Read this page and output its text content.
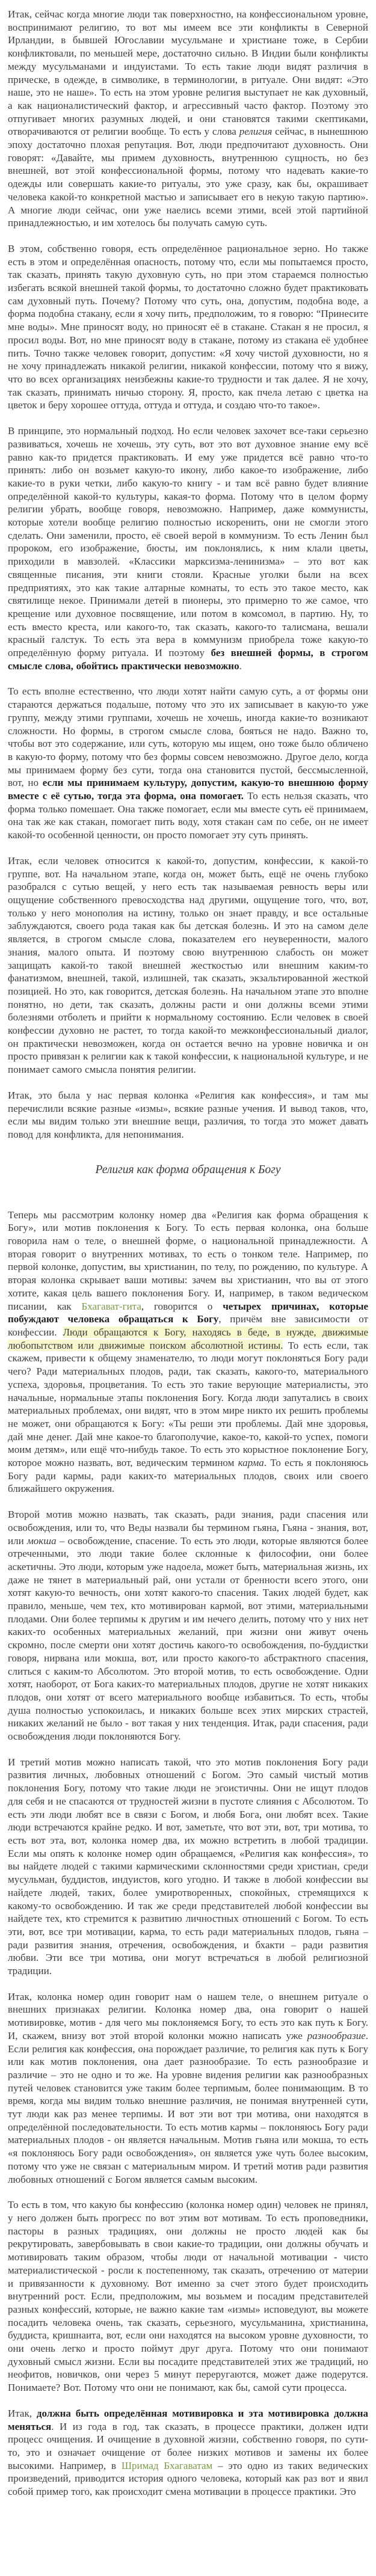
Итак, сейчас когда многие люди так поверхностно, на конфессиональном уровне, воспринимают религию, то вот мы имеем все эти конфликты в Северной Ирландии, в бывшей Югославии мусульмане и христиане тоже, в Сербии конфликтовали, по меньшей мере, достаточно сильно. В Индии были конфликты между мусульманами и индуистами. То есть такие люди видят различия в прическе, в одежде, в символике, в терминологии, в ритуале. Они видят: «Это наше, это не наше». То есть на этом уровне религия выступает не как духовный, а как националистический фактор, и агрессивный часто фактор. Поэтому это отпугивает многих разумных людей, и они становятся такими скептиками, отворачиваются от религии вообще. То есть у слова религия сейчас, в нынешнюю эпоху достаточно плохая репутация. Вот, люди предпочитают духовность. Они говорят: «Давайте, мы примем духовность, внутреннюю сущность, но без внешней, вот этой конфессиональной формы, потому что надевать какие-то одежды или совершать какие-то ритуалы, это уже сразу, как бы, окрашивает человека какой-то конкретной мастью и записывает его в некую такую партию». А многие люди сейчас, они уже наелись всеми этими, всей этой партийной принадлежностью, и им хотелось бы получать самую суть.

В этом, собственно говоря, есть определённое рациональное зерно. Но также есть в этом и определённая опасность, потому что, если мы попытаемся просто, так сказать, принять такую духовную суть, но при этом стараемся полностью избегать всякой внешней такой формы, то достаточно сложно будет практиковать сам духовный путь. Почему? Потому что суть, она, допустим, подобна воде, а форма подобна стакану, если я хочу пить, предположим, то я говорю: “Принесите мне воды». Мне приносят воду, но приносят её в стакане. Стакан я не просил, я просил воды. Вот, но мне приносят воду в стакане, потому из стакана её удобнее пить. Точно также человек говорит, допустим: «Я хочу чистой духовности, но я не хочу принадлежать никакой религии, никакой конфессии, потому что я вижу, что во всех организациях неизбежны какие-то трудности и так далее. Я не хочу, так сказать, принимать ничью сторону. Я, просто, как пчела летаю с цветка на цветок и беру хорошее оттуда, оттуда и оттуда, и создаю что-то такое».

В принципе, это нормальный подход. Но если человек захочет все-таки серьезно развиваться, хочешь не хочешь, эту суть, вот это вот духовное знание ему всё равно как-то придется практиковать. И ему уже придется всё равно что-то принять: либо он возьмет какую-то икону, либо какое-то изображение, либо какие-то в руки четки, либо какую-то книгу - и там всё равно будет влияние определённой какой-то культуры, какая-то форма. Потому что в целом форму религии убрать, вообще говоря, невозможно. Например, даже коммунисты, которые хотели вообще религию полностью искоренить, они не смогли этого сделать. Они заменили, просто, её своей верой в коммунизм. То есть Ленин был пророком, его изображение, бюсты, им поклонялись, к ним клали цветы, приходили в мавзолей. «Классики марксизма-ленинизма» – это вот как священные писания, эти книги стояли. Красные уголки были на всех предприятиях, это как такие алтарные комнаты, то есть это такое место, как святилище некое. Принимали детей в пионеры, это примерно то же самое, что крещение или духовное посвящение, или потом в комсомол, в партию. Ну, то есть вместо креста, или какого-то, так сказать, какого-то талисмана, вешали красный галстук. То есть эта вера в коммунизм приобрела тоже какую-то определённую форму ритуала. И поэтому без внешней формы, в строгом смысле слова, обойтись практически невозможно.

То есть вполне естественно, что люди хотят найти самую суть, а от формы они стараются держаться подальше, потому что это их записывает в какую-то уже группу, между этими группами, хочешь не хочешь, иногда какие-то возникают сложности. Но формы, в строгом смысле слова, бояться не надо. Важно то, чтобы вот это содержание, или суть, которую мы ищем, оно тоже было обличено в какую-то форму, потому что без формы совсем невозможно. Другое дело, когда мы принимаем форму без сути, тогда она становится пустой, бессмысленной, вот, но если мы принимаем культуру, допустим, какую-то внешнюю форму вместе с её сутью, тогда эта форма, она помогает. То есть нельзя сказать, что форма только помешает. Она также помогает, если мы вместе суть её принимаем, она так же как стакан, помогает пить воду, хотя стакан сам по себе, он не имеет какой-то особенной ценности, он просто помогает эту суть принять.

Итак, если человек относится к какой-то, допустим, конфессии, к какой-то группе, вот. На начальном этапе, когда он, может быть, ещё не очень глубоко разобрался с сутью вещей, у него есть так называемая ревность веры или ощущение собственного превосходства над другими, ощущение того, что, вот, только у него монополия на истину, только он знает правду, и все остальные заблуждаются, своего рода такая как бы детская болезнь. И это на самом деле является, в строгом смысле слова, показателем его неуверенности, малого знания, малого опыта. И поэтому свою внутреннюю слабость он может защищать какой-то такой внешней жесткостью или внешним каким-то фанатизмом, внешней, такой, излишней, так сказать, экзальтированной жесткой позицией. Но это, как говорится, детская болезнь. На начальном этапе это вполне понятно, но дети, так сказать, должны расти и они должны всеми этими болезнями отболеть и прийти к нормальному состоянию. Если человек в своей конфессии духовно не растет, то тогда какой-то межконфессиональный диалог, он практически невозможен, когда он остается вечно на уровне новичка и он просто привязан к религии как к такой конфессии, к национальной культуре, и не понимает самого смысла понятия религии.

Итак, это была у нас первая колонка «Религия как конфессия», и там мы перечислили всякие разные «измы», всякие разные учения. И вывод таков, что, если мы видим только эти внешние вещи, различия, то тогда это может давать повод для конфликта, для непонимания.

Религия как форма обращения к Богу

Теперь мы рассмотрим колонку номер два «Религия как форма обращения к Богу», или мотив поклонения к Богу. То есть первая колонка, она больше говорила нам о теле, о внешней форме, о национальной принадлежности. А вторая говорит о внутренних мотивах, то есть о тонком теле. Например, по первой колонке, допустим, вы христианин, по телу, по рождению, по культуре. А вторая колонка скрывает ваши мотивы: зачем вы христианин, что вы от этого хотите, какая цель вашего поклонения Богу. И, например, в таком ведическом писании, как Бхагават-гита, говорится о четырех причинах, которые побуждают человека обращаться к Богу, причём вне зависимости от конфессии. Люди обращаются к Богу, находясь в беде, в нужде, движимые любопытством или движимые поиском абсолютной истины. То есть если, так скажем, привести к общему знаменателю, то люди могут поклоняться Богу ради чего? Ради материальных плодов, ради, так сказать, какого-то, материального успеха, здоровья, процветания. То есть это такие верующие материалисты, это начальные, нормальные этапы поклонения Богу. Когда люди запутались в своих материальных проблемах, они видят, что в этом мире никто их решить проблемы не может, они обращаются к Богу: «Ты реши эти проблемы. Дай мне здоровья, дай мне денег. Дай мне какое-то благополучие, какое-то, какой-то успех, помоги моим детям», или ещё что-нибудь такое. То есть это корыстное поклонение Богу, которое можно назвать, вот, ведическим термином карма. То есть я поклоняюсь Богу ради кармы, ради каких-то материальных плодов, своих или своего ближайшего окружения.

Второй мотив можно назвать, так сказать, ради знания, ради спасения или освобождения, или то, что Веды назвали бы термином гьяна, Гьяна - знания, вот, или мокша – освобождение, спасение. То есть это люди, которые являются более отреченными, это люди такие более склонные к философии, они более аскетичны. Это люди, которым уже надоела, может быть, материальная жизнь, их даже не тянет в материальный рай, они устали от бренности всего этого, они хотят какую-то вечность, они хотят какого-то спасения. Таких людей будет, как правило, меньше, чем тех, кто мотивирован кармой, вот этими, материальными плодами. Они более терпимы к другим и им нечего делить, потому что у них нет каких-то особенных материальных желаний, при жизни они живут очень скромно, после смерти они хотят достичь какого-то освобождения, по-буддистки говоря, нирвана или мокша, вот, или просто какого-то абстрактного спасения, слиться с каким-то Абсолютом. Это второй мотив, то есть освобождение. Одни хотят, наоборот, от Бога каких-то материальных плодов, другие не хотят никаких плодов, они хотят от всего материального вообще избавиться. То есть, чтобы душа полностью успокоилась, и никаких больше всех этих мирских страстей, никаких желаний не было - вот такая у них тенденция. Итак, ради спасения, ради освобождения люди поклоняются Богу.

И третий мотив можно написать такой, что это мотив поклонения Богу ради развития личных, любовных отношений с Богом. Это самый чистый мотив поклонения Богу, потому что такие люди не эгоистичны. Они не ищут плодов для себя и не спасаются от трудностей жизни в пустоте слияния с Абсолютом. То есть эти люди любят все в связи с Богом, и любя Бога, они любят всех. Такие люди встречаются крайне редко. И вот, заметьте, что вот эти, вот, три мотива, то есть вот эта, вот, колонка номер два, их можно встретить в любой традиции. Если мы опять к колонке номер один обращаемся, «Религия как конфессия», то вы найдете людей с такими кармическими склонностями среди христиан, среди мусульман, буддистов, индуистов, кого угодно. И также в любой конфессии вы найдете людей, таких, более умиротворенных, спокойных, стремящихся к какому-то освобождению. И так же среди представителей любой конфессии вы найдете тех, кто стремится к развитию личностных отношений с Богом. То есть эти, вот, все три мотивации, карма, то есть ради материальных плодов, гьяна – ради развития знания, отречения, освобождения, и бхакти – ради развития любви. Эти все три мотива, они могут встречаться в любой религиозной традиции.

Итак, колонка номер один говорит нам о нашем теле, о внешнем ритуале о внешних признаках религии. Колонка номер два, она говорит о нашей мотивировке, мотив - для чего мы поклоняемся Богу, то есть это как путь к Богу. И, скажем, внизу вот этой второй колонки можно написать уже разнообразие. Если религия как конфессия, она порождает различие, то религия как путь к Богу или как мотив поклонения, она дает разнообразие. То есть разнообразие и различие – это не одно и то же. На уровне видения религии как разнообразных путей человек становится уже таким более терпимым, более понимающим. В то время, когда мы видим только внешние различия, не понимая внутренней сути, тут люди как раз менее терпимы. И вот эти вот три мотива, они находятся в определённой последовательности. То есть мотив кармы – поклоняюсь Богу ради материальных плодов - он является начальным. Мотив гьяна или мокша, то есть «я поклоняюсь Богу ради освобождения», он является уже чуть более высоким, потому что уже не связан с материальным миром. И третий мотив ради развития любовных отношений с Богом является самым высоким.

То есть в том, что какую бы конфессию (колонка номер один) человек не принял, у него должен быть прогресс по вот этим вот мотивам. То есть проповедники, пасторы в разных традициях, они должны не просто людей как бы рекрутировать, завербовывать в свои какие-то традиции, они должны обучать и мотивировать таким образом, чтобы люди от начальной мотивации - чисто материалистической - росли к постепенному, так сказать, отречению от материи и привязанности к духовному. Вот именно за счет этого будет происходить внутренний рост. Если, предположим, мы возьмем и посадим представителей разных конфессий, которые, не важно какие там «измы» исповедуют, вы можете посадить человека очень, так сказать, серьезного, мусульманина, христианина, буддиста, кришнаита, вот, если они находятся на высоком уровне духовности, то они очень легко и просто поймут друг друга. Потому что они понимают духовный смысл жизни. Если вы посадите представителей этих же традиций, но неофитов, новичков, они через 5 минут переругаются, может даже подерутся. Понимаете? Вот. Потому что они не понимают, как бы, самой сути процесса.

Итак, должна быть определённая мотивировка и эта мотивировка должна меняться. И из года в год, так сказать, в процессе практики, должен идти процесс очищения. И очищение в духовной жизни, собственно говоря, по сути-то, это и означает очищение от более низких мотивов и замены их более высокими. Например, в Шримад Бхагаватам – это одно из таких ведических произведений, приводится история одного человека, который как раз вот и явил собой пример того, как происходит смена мотивации в процессе практики. Это
